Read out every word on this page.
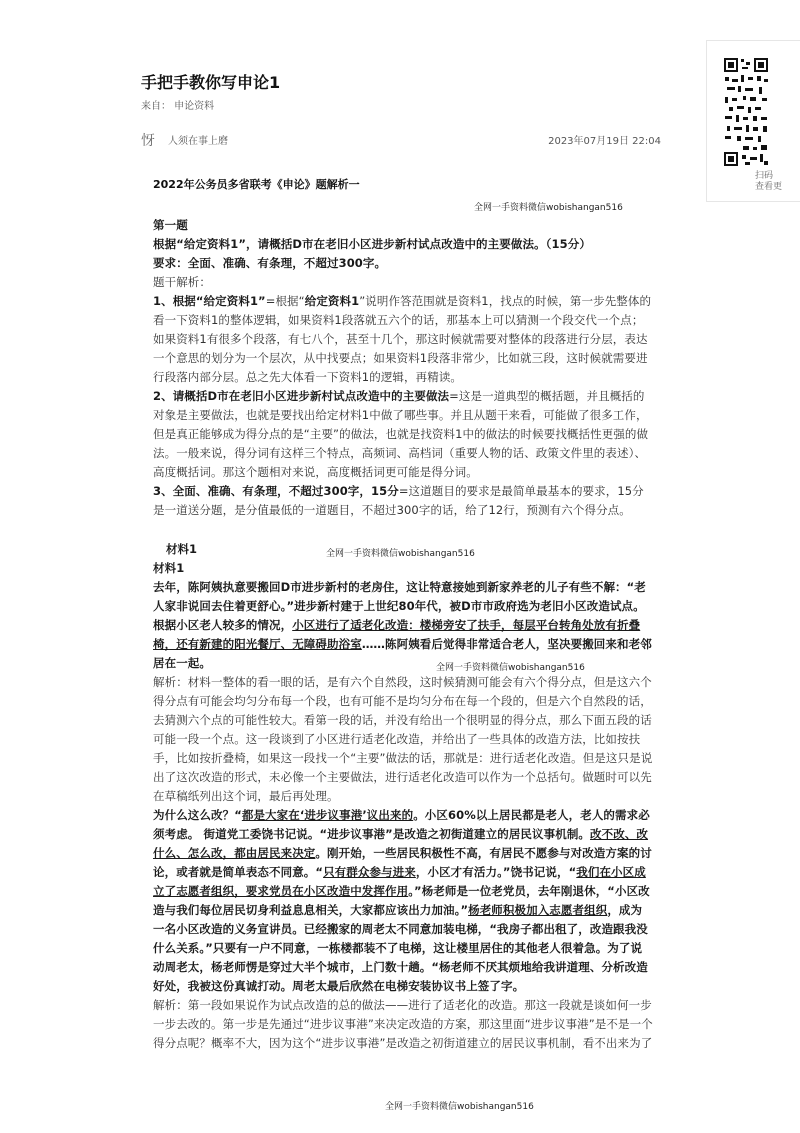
手把手教你写申论1
来自： 申论资料
㤉 人须在事上磨	2023年07月19日 22:04
扫码
查看更
2022年公务员多省联考《申论》题解析一
全网一手资料微信wobishangan516
第一题
根据“给定资料1”，请概括D市在老旧小区进步新村试点改造中的主要做法。（15分）
要求：全面、准确、有条理，不超过300字。
题干解析：
1、根据“给定资料1”=根据“给定资料1”说明作答范围就是资料1，找点的时候，第一步先整体的看一下资料1的整体逻辑，如果资料1段落就五六个的话，那基本上可以猜测一个段交代一个点；如果资料1有很多个段落，有七八个，甚至十几个，那这时候就需要对整体的段落进行分层，表达一个意思的划分为一个层次，从中找要点；如果资料1段落非常少，比如就三段，这时候就需要进行段落内部分层。总之先大体看一下资料1的逻辑，再精读。
2、请概括D市在老旧小区进步新村试点改造中的主要做法=这是一道典型的概括题，并且概括的对象是主要做法，也就是要找出给定材料1中做了哪些事。并且从题干来看，可能做了很多工作，但是真正能够成为得分点的是“主要”的做法，也就是找资料1中的做法的时候要找概括性更强的做法。一般来说，得分词有这样三个特点，高频词、高档词（重要人物的话、政策文件里的表述）、高度概括词。那这个题相对来说，高度概括词更可能是得分词。
3、全面、准确、有条理，不超过300字，15分=这道题目的要求是最简单最基本的要求，15分是一道送分题，是分值最低的一道题目，不超过300字的话，给了12行，预测有六个得分点。
材料1	全网一手资料微信wobishangan516
材料1
去年，陈阿姨执意要搬回D市进步新村的老房住，这让特意接她到新家养老的儿子有些不解：“老人家非说回去住着更舒心。”进步新村建于上世纪80年代，被D市市政府选为老旧小区改造试点。根据小区老人较多的情况，小区进行了适老化改造：楼梯旁安了扶手，每层平台转角处放有折叠椅，还有新建的阳光餐厅、无障碍助浴室……陈阿姨看后觉得非常适合老人，坚决要搬回来和老邻居在一起。
解析：材料一整体的看一眼的话，是有六个自然段，这时候猜测可能会有六个得分点，但是这六个得分点有可能会均匀分布每一个段，也有可能不是均匀分布在每一个段的，但是六个自然段的话，去猜测六个点的可能性较大。看第一段的话，并没有给出一个很明显的得分点，那么下面五段的话可能一段一个点。这一段谈到了小区进行适老化改造，并给出了一些具体的改造方法，比如按扶手，比如按折叠椅，如果这一段找一个“主要”做法的话，那就是：进行适老化改造。但是这只是说出了这次改造的形式，未必像一个主要做法，进行适老化改造可以作为一个总括句。做题时可以先在草稿纸列出这个词，最后再处理。
为什么这么改？“都是大家在‘进步议事港’议出来的。小区60%以上居民都是老人，老人的需求必须考虑。 街道党工委饶书记说。“进步议事港”是改造之初街道建立的居民议事机制。改不改、改什么、怎么改，都由居民来决定。刚开始，一些居民积极性不高，有居民不愿参与对改造方案的讨论，或者就是简单表态不同意。“只有群众参与进来，小区才有活力。”饶书记说，“我们在小区成立了志愿者组织，要求党员在小区改造中发挥作用。”杨老师是一位老党员，去年刚退休，“小区改造与我们每位居民切身利益息息相关，大家都应该出力加油。”杨老师积极加入志愿者组织，成为一名小区改造的义务宣讲员。已经搬家的周老太不同意加装电梯，“我房子都出租了，改造跟我没什么关系。”只要有一户不同意，一栋楼都装不了电梯，这让楼里居住的其他老人很着急。为了说动周老太，杨老师愣是穿过大半个城市，上门数十趟。“杨老师不厌其烦地给我讲道理、分析改造好处，我被这份真诚打动。周老太最后欣然在电梯安装协议书上签了字。
解析：第一段如果说作为试点改造的总的做法——进行了适老化的改造。那这一段就是谈如何一步一步去改的。第一步是先通过“进步议事港”来决定改造的方案，那这里面“进步议事港”是不是一个得分点呢？概率不大，因为这个“进步议事港”是改造之初街道建立的居民议事机制，看不出来为了
全网一手资料微信wobishangan516
全网一手资料微信wobishangan516
